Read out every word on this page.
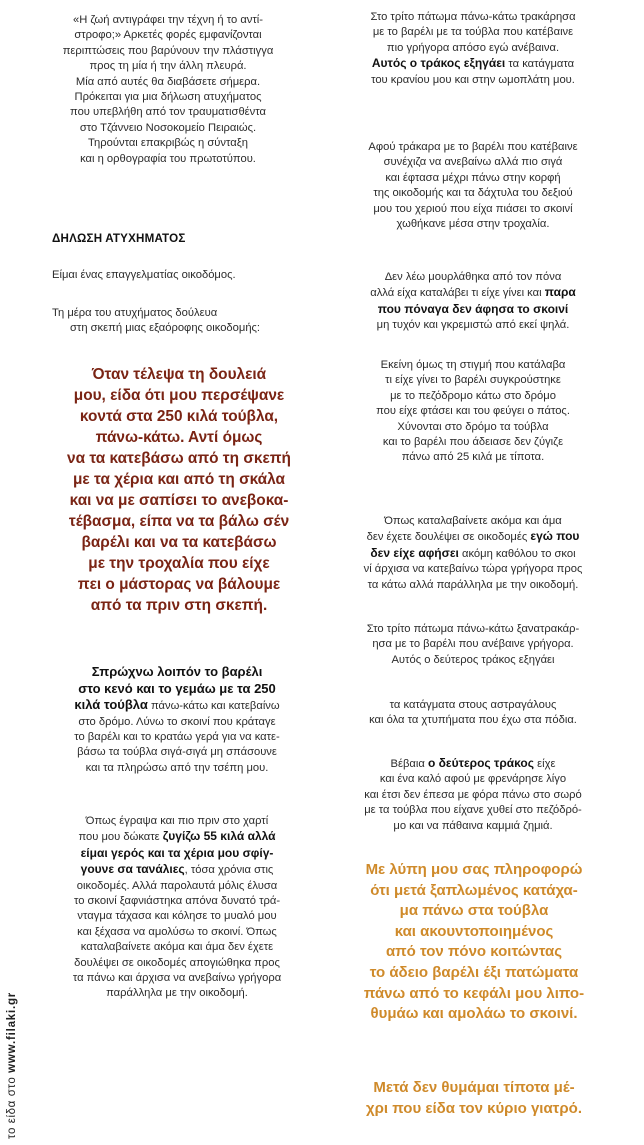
«Η ζωή αντιγράφει την τέχνη ή το αντί-
στροφο;» Αρκετές φορές εμφανίζονται
περιπτώσεις που βαρύνουν την πλάστιγγα
προς τη μία ή την άλλη πλευρά.
Μία από αυτές θα διαβάσετε σήμερα.
Πρόκειται για μια δήλωση ατυχήματος
που υπεβλήθη από τον τραυματισθέντα
στο Τζάννειο Νοσοκομείο Πειραιώς.
Τηρούνται επακριβώς η σύνταξη
και η ορθογραφία του πρωτοτύπου.
ΔΗΛΩΣΗ ΑΤΥΧΗΜΑΤΟΣ
Είμαι ένας επαγγελματίας οικοδόμος.
Τη μέρα του ατυχήματος δούλευα
στη σκεπή μιας εξαόροφης οικοδομής:
Όταν τέλεψα τη δουλειά
μου, είδα ότι μου περσέψανε
κοντά στα 250 κιλά τούβλα,
πάνω-κάτω. Αντί όμως
να τα κατεβάσω από τη σκεπή
με τα χέρια και από τη σκάλα
και να με σαπίσει το ανεβοκα-
τέβασμα, είπα να τα βάλω σέν
βαρέλι και να τα κατεβάσω
με την τροχαλία που είχε
πει ο μάστορας να βάλουμε
από τα πριν στη σκεπή.
Σπρώχνω λοιπόν το βαρέλι
στο κενό και το γεμάω με τα 250
κιλά τούβλα πάνω-κάτω και κατεβαίνω
στο δρόμο. Λύνω το σκοινί που κράταγε
το βαρέλι και το κρατάω γερά για να κατε-
βάσω τα τούβλα σιγά-σιγά μη σπάσουνε
και τα πληρώσω από την τσέπη μου.
Όπως έγραψα και πιο πριν στο χαρτί
που μου δώκατε ζυγίζω 55 κιλά αλλά
είμαι γερός και τα χέρια μου σφίγ-
γουνε σα τανάλιες, τόσα χρόνια στις
οικοδομές. Αλλά παρολαυτά μόλις έλυσα
το σκοινί ξαφνιάστηκα απόνα δυνατό τρά-
νταγμα τάχασα και κόλησε το μυαλό μου
και ξέχασα να αμολύσω το σκοινί. Όπως
καταλαβαίνετε ακόμα και άμα δεν έχετε
δουλέψει σε οικοδομές απογιώθηκα προς
τα πάνω και άρχισα να ανεβαίνω γρήγορα
παράλληλα με την οικοδομή.
Στο τρίτο πάτωμα πάνω-κάτω τρακάρησα
με το βαρέλι με τα τούβλα που κατέβαινε
πιο γρήγορα απόσο εγώ ανέβαινα.
Αυτός ο τράκος εξηγάει τα κατάγματα
του κρανίου μου και στην ωμοπλάτη μου.
Αφού τράκαρα με το βαρέλι που κατέβαινε
συνέχιζα να ανεβαίνω αλλά πιο σιγά
και έφτασα μέχρι πάνω στην κορφή
της οικοδομής και τα δάχτυλα του δεξιού
μου του χεριού που είχα πιάσει το σκοινί
χωθήκανε μέσα στην τροχαλία.
Δεν λέω μουρλάθηκα από τον πόνα
αλλά είχα καταλάβει τι είχε γίνει και παρα
που πόναγα δεν άφησα το σκοινί
μη τυχόν και γκρεμιστώ από εκεί ψηλά.
Εκείνη όμως τη στιγμή που κατάλαβα
τι είχε γίνει το βαρέλι συγκρούστηκε
με το πεζόδρομο κάτω στο δρόμο
που είχε φτάσει και του φεύγει ο πάτος.
Χύνονται στο δρόμο τα τούβλα
και το βαρέλι που άδειασε δεν ζύγιζε
πάνω από 25 κιλά με τίποτα.
Όπως καταλαβαίνετε ακόμα και άμα
δεν έχετε δουλέψει σε οικοδομές εγώ που
δεν είχε αφήσει ακόμη καθόλου το σκοι
νί άρχισα να κατεβαίνω τώρα γρήγορα προς
τα κάτω αλλά παράλληλα με την οικοδομή.
Στο τρίτο πάτωμα πάνω-κάτω ξανατρακάρ-
ησα με το βαρέλι που ανέβαινε γρήγορα.
Αυτός ο δεύτερος τράκος εξηγάει
τα κατάγματα στους αστραγάλους
και όλα τα χτυπήματα που έχω στα πόδια.
Βέβαια ο δεύτερος τράκος είχε
και ένα καλό αφού με φρενάρησε λίγο
και έτσι δεν έπεσα με φόρα πάνω στο σωρό
με τα τούβλα που είχανε χυθεί στο πεζόδρό-
μο και να πάθαινα καμμιά ζημιά.
Με λύπη μου σας πληροφορώ
ότι μετά ξαπλωμένος κατάχα-
μα πάνω στα τούβλα
και ακουντοποιημένος
από τον πόνο κοιτώντας
το άδειο βαρέλι έξι πατώματα
πάνω από το κεφάλι μου λιπο-
θυμάω και αμολάω το σκοινί.
Μετά δεν θυμάμαι τίποτα μέ-
χρι που είδα τον κύριο γιατρό.
το είδα στο www.filaki.gr
